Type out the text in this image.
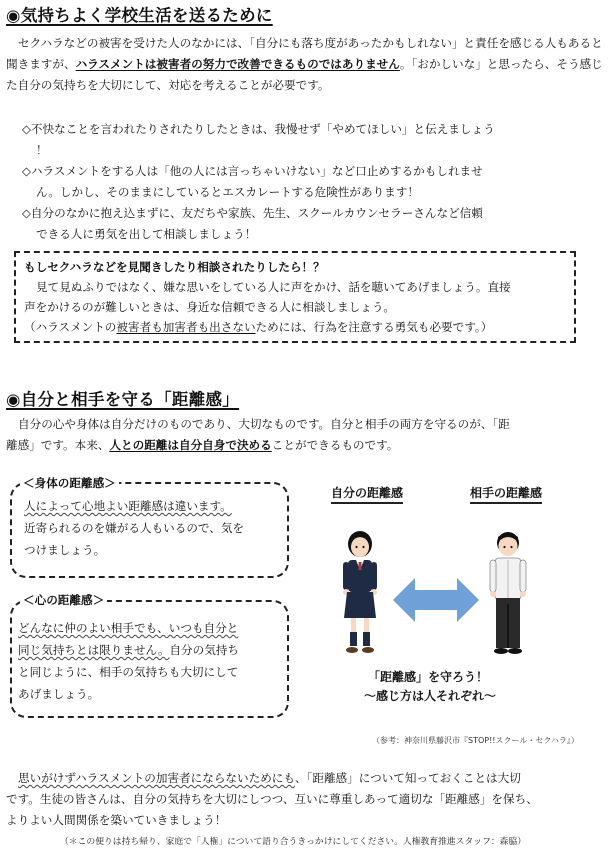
◉気持ちよく学校生活を送るために
セクハラなどの被害を受けた人のなかには、「自分にも落ち度があったかもしれない」と責任を感じる人もあると聞きますが、ハラスメントは被害者の努力で改善できるものではありません。「おかしいな」と思ったら、そう感じた自分の気持ちを大切にして、対応を考えることが必要です。
◇不快なことを言われたりされたりしたときは、我慢せず「やめてほしい」と伝えましょう
！
◇ハラスメントをする人は「他の人には言っちゃいけない」など口止めするかもしれませ
ん。しかし、そのままにしているとエスカレートする危険性があります！
◇自分のなかに抱え込まずに、友だちや家族、先生、スクールカウンセラーさんなど信頼
できる人に勇気を出して相談しましょう！
もしセクハラなどを見聞きしたり相談されたりしたら！？
見て見ぬふりではなく、嫌な思いをしている人に声をかけ、話を聴いてあげましょう。直接
声をかけるのが難しいときは、身近な信頼できる人に相談しましょう。
（ハラスメントの被害者も加害者も出さないためには、行為を注意する勇気も必要です。）
◉自分と相手を守る「距離感」
自分の心や身体は自分だけのものであり、大切なものです。自分と相手の両方を守るのが、「距
離感」です。本来、人との距離は自分自身で決めることができるものです。
＜身体の距離感＞
人によって心地よい距離感は違います。
近寄られるのを嫌がる人もいるので、気を
つけましょう。
＜心の距離感＞
どんなに仲のよい相手でも、いつも自分と
同じ気持ちとは限りません。自分の気持ち
と同じように、相手の気持ちも大切にして
あげましょう。
自分の距離感	相手の距離感
「距離感」を守ろう！
～感じ方は人それぞれ～
（参考：神奈川県藤沢市『STOP!!スクール・セクハラ』）
思いがけずハラスメントの加害者にならないためにも、「距離感」について知っておくことは大切
です。生徒の皆さんは、自分の気持ちを大切にしつつ、互いに尊重しあって適切な「距離感」を保ち、
よりよい人間関係を築いていきましょう！
（＊この便りは持ち帰り、家庭で「人権」について語り合うきっかけにしてください。人権教育推進スタッフ：森脇）
